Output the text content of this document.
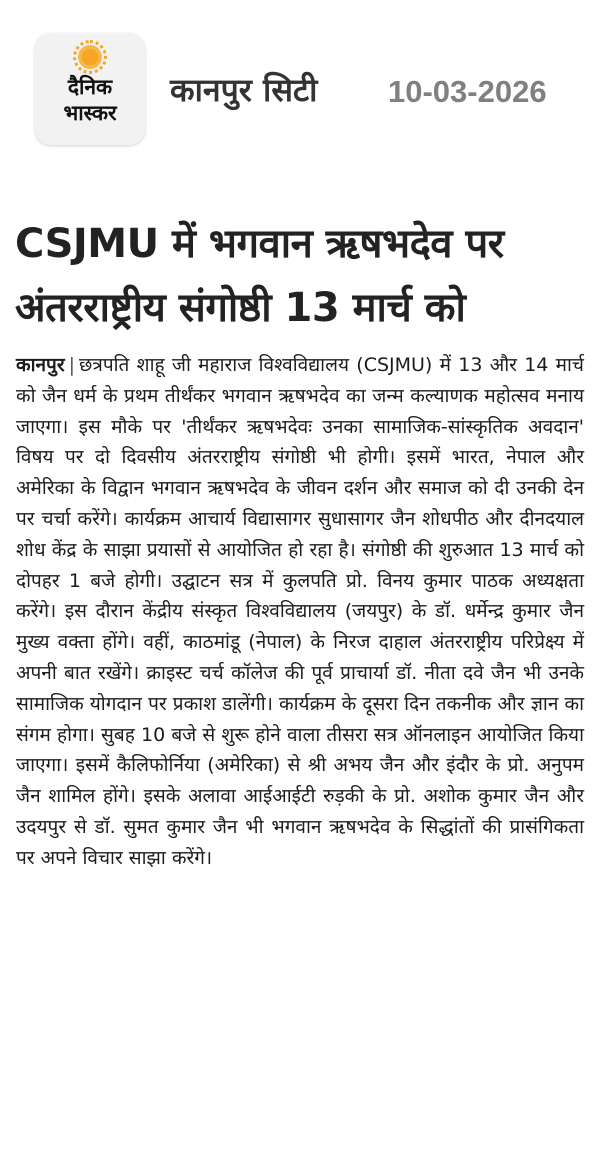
दैनिक
भास्कर
कानपुर सिटी 10-03-2026
CSJMU में भगवान ऋषभदेव पर
अंतरराष्ट्रीय संगोष्ठी 13 मार्च को
कानपुर | छत्रपति शाहू जी महाराज विश्वविद्यालय (CSJMU) में 13 और 14 मार्च को जैन धर्म के प्रथम तीर्थंकर भगवान ऋषभदेव का जन्म कल्याणक महोत्सव मनाय जाएगा। इस मौके पर 'तीर्थंकर ऋषभदेवः उनका सामाजिक-सांस्कृतिक अवदान' विषय पर दो दिवसीय अंतरराष्ट्रीय संगोष्ठी भी होगी। इसमें भारत, नेपाल और अमेरिका के विद्वान भगवान ऋषभदेव के जीवन दर्शन और समाज को दी उनकी देन पर चर्चा करेंगे। कार्यक्रम आचार्य विद्यासागर सुधासागर जैन शोधपीठ और दीनदयाल शोध केंद्र के साझा प्रयासों से आयोजित हो रहा है। संगोष्ठी की शुरुआत 13 मार्च को दोपहर 1 बजे होगी। उद्घाटन सत्र में कुलपति प्रो. विनय कुमार पाठक अध्यक्षता करेंगे। इस दौरान केंद्रीय संस्कृत विश्वविद्यालय (जयपुर) के डॉ. धर्मेन्द्र कुमार जैन मुख्य वक्ता होंगे। वहीं, काठमांडू (नेपाल) के निरज दाहाल अंतरराष्ट्रीय परिप्रेक्ष्य में अपनी बात रखेंगे। क्राइस्ट चर्च कॉलेज की पूर्व प्राचार्या डॉ. नीता दवे जैन भी उनके सामाजिक योगदान पर प्रकाश डालेंगी। कार्यक्रम के दूसरा दिन तकनीक और ज्ञान का संगम होगा। सुबह 10 बजे से शुरू होने वाला तीसरा सत्र ऑनलाइन आयोजित किया जाएगा। इसमें कैलिफोर्निया (अमेरिका) से श्री अभय जैन और इंदौर के प्रो. अनुपम जैन शामिल होंगे। इसके अलावा आईआईटी रुड़की के प्रो. अशोक कुमार जैन और उदयपुर से डॉ. सुमत कुमार जैन भी भगवान ऋषभदेव के सिद्धांतों की प्रासंगिकता पर अपने विचार साझा करेंगे।
